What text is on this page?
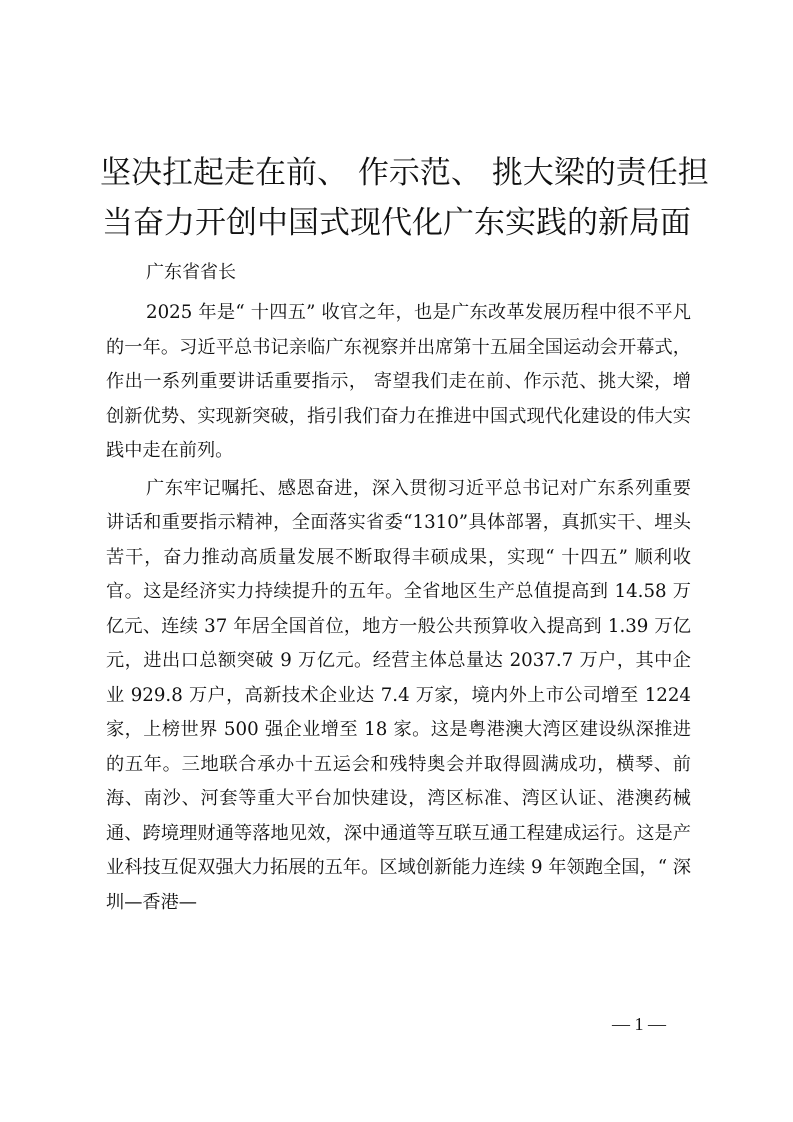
坚决扛起走在前、 作示范、 挑大梁的责任担
当奋力开创中国式现代化广东实践的新局面
广东省省长

2025 年是“ 十四五” 收官之年，也是广东改革发展历程中很不平凡的一年。习近平总书记亲临广东视察并出席第十五届全国运动会开幕式， 作出一系列重要讲话重要指示， 寄望我们走在前、作示范、挑大梁，增创新优势、实现新突破，指引我们奋力在推进中国式现代化建设的伟大实践中走在前列。

广东牢记嘱托、感恩奋进，深入贯彻习近平总书记对广东系列重要讲话和重要指示精神，全面落实省委“1310”具体部署，真抓实干、埋头苦干，奋力推动高质量发展不断取得丰硕成果，实现“ 十四五” 顺利收官。这是经济实力持续提升的五年。全省地区生产总值提高到 14.58 万亿元、连续 37 年居全国首位，地方一般公共预算收入提高到 1.39 万亿元，进出口总额突破 9 万亿元。经营主体总量达 2037.7 万户，其中企业 929.8 万户，高新技术企业达 7.4 万家，境内外上市公司增至 1224 家，上榜世界 500 强企业增至 18 家。这是粤港澳大湾区建设纵深推进的五年。三地联合承办十五运会和残特奥会并取得圆满成功，横琴、前海、南沙、河套等重大平台加快建设，湾区标准、湾区认证、港澳药械通、跨境理财通等落地见效，深中通道等互联互通工程建成运行。这是产业科技互促双强大力拓展的五年。区域创新能力连续 9 年领跑全国，“ 深圳—香港—

— 1 —
